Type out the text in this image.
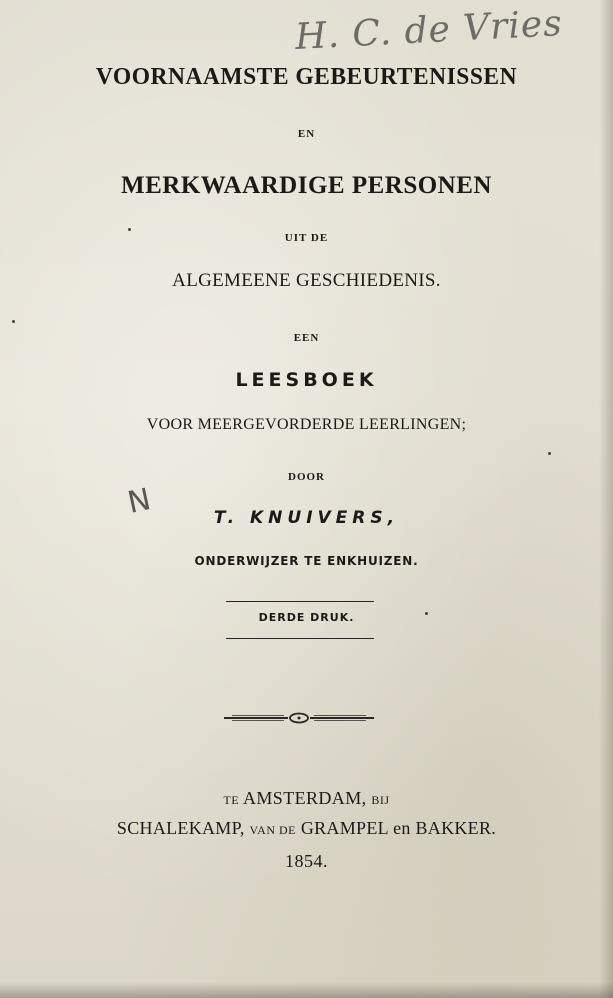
H. C. de Vries
VOORNAAMSTE GEBEURTENISSEN
EN
MERKWAARDIGE PERSONEN
UIT DE
ALGEMEENE GESCHIEDENIS.
EEN
LEESBOEK
VOOR MEERGEVORDERDE LEERLINGEN;
N
DOOR
T. KNUIVERS,
ONDERWIJZER TE ENKHUIZEN.
DERDE DRUK.
TE AMSTERDAM, BIJ
SCHALEKAMP, VAN DE GRAMPEL en BAKKER.
1854.
